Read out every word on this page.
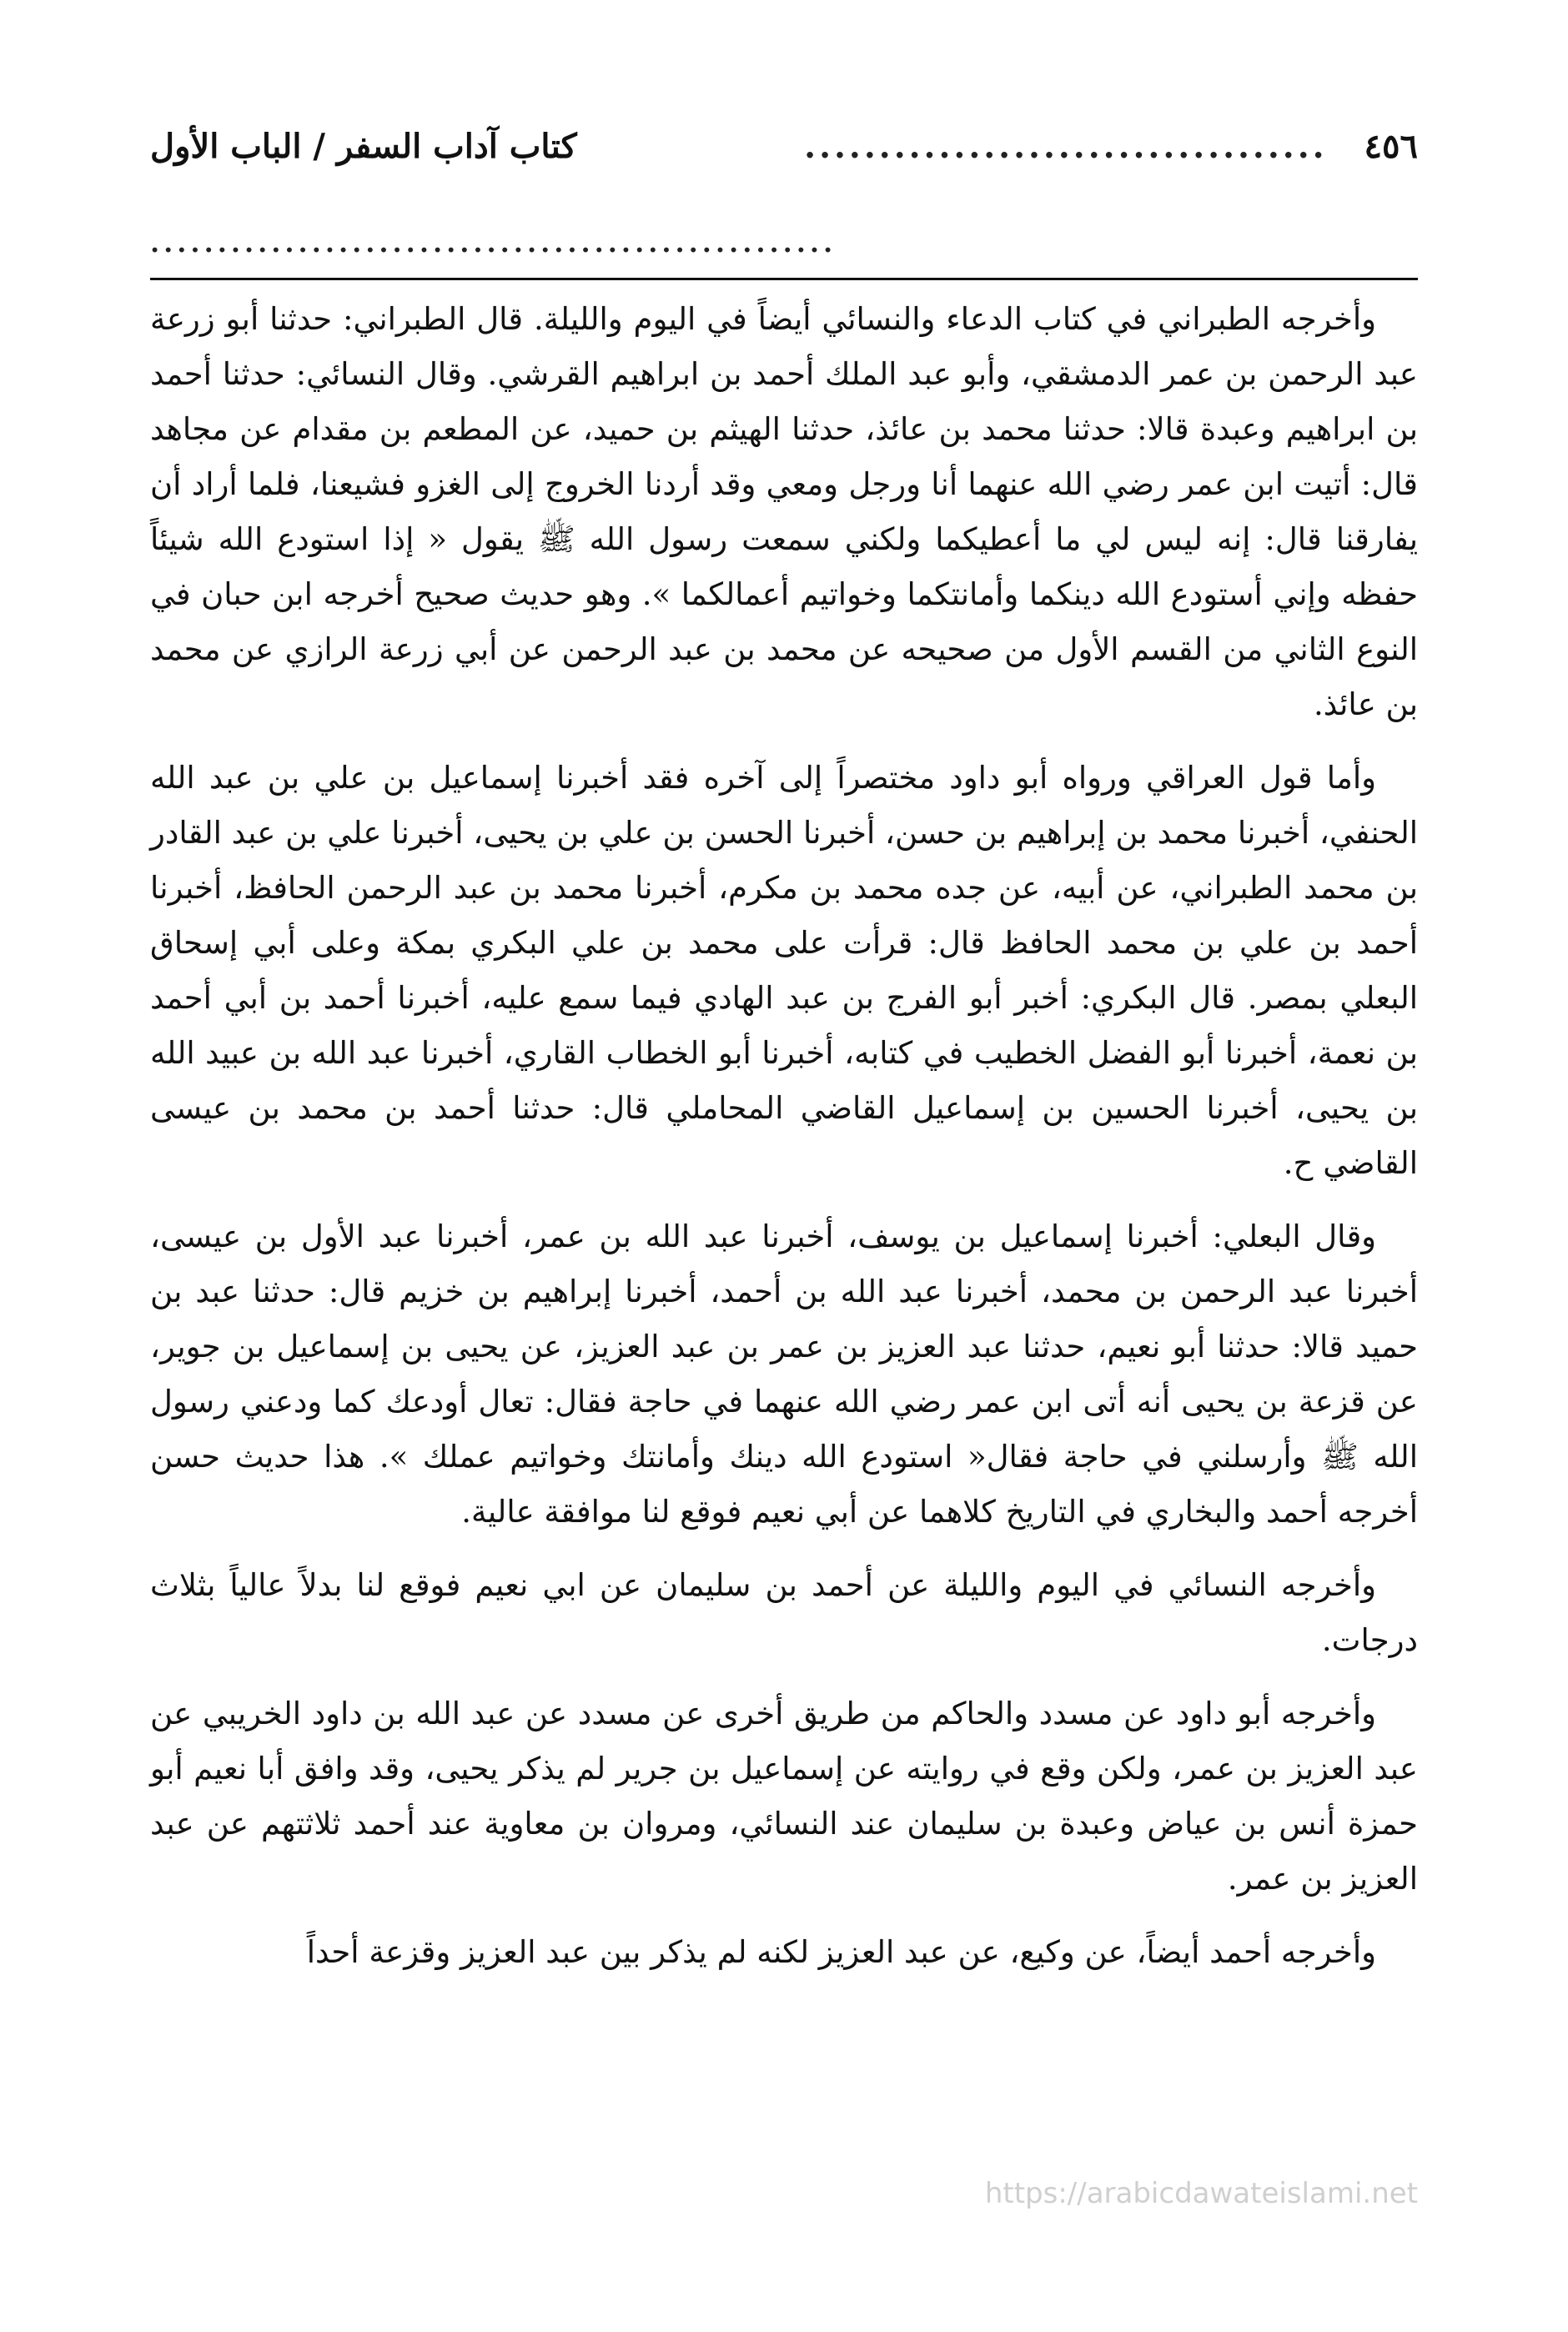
٤٥٦
...................................
كتاب آداب السفر / الباب الأول
...................................................

وأخرجه الطبراني في كتاب الدعاء والنسائي أيضاً في اليوم والليلة. قال الطبراني: حدثنا أبو زرعة عبد الرحمن بن عمر الدمشقي، وأبو عبد الملك أحمد بن ابراهيم القرشي. وقال النسائي: حدثنا أحمد بن ابراهيم وعبدة قالا: حدثنا محمد بن عائذ، حدثنا الهيثم بن حميد، عن المطعم بن مقدام عن مجاهد قال: أتيت ابن عمر رضي الله عنهما أنا ورجل ومعي وقد أردنا الخروج إلى الغزو فشيعنا، فلما أراد أن يفارقنا قال: إنه ليس لي ما أعطيكما ولكني سمعت رسول الله ﷺ يقول « إذا استودع الله شيئاً حفظه وإني أستودع الله دينكما وأمانتكما وخواتيم أعمالكما ». وهو حديث صحيح أخرجه ابن حبان في النوع الثاني من القسم الأول من صحيحه عن محمد بن عبد الرحمن عن أبي زرعة الرازي عن محمد بن عائذ.

وأما قول العراقي ورواه أبو داود مختصراً إلى آخره فقد أخبرنا إسماعيل بن علي بن عبد الله الحنفي، أخبرنا محمد بن إبراهيم بن حسن، أخبرنا الحسن بن علي بن يحيى، أخبرنا علي بن عبد القادر بن محمد الطبراني، عن أبيه، عن جده محمد بن مكرم، أخبرنا محمد بن عبد الرحمن الحافظ، أخبرنا أحمد بن علي بن محمد الحافظ قال: قرأت على محمد بن علي البكري بمكة وعلى أبي إسحاق البعلي بمصر. قال البكري: أخبر أبو الفرج بن عبد الهادي فيما سمع عليه، أخبرنا أحمد بن أبي أحمد بن نعمة، أخبرنا أبو الفضل الخطيب في كتابه، أخبرنا أبو الخطاب القاري، أخبرنا عبد الله بن عبيد الله بن يحيى، أخبرنا الحسين بن إسماعيل القاضي المحاملي قال: حدثنا أحمد بن محمد بن عيسى القاضي ح.

وقال البعلي: أخبرنا إسماعيل بن يوسف، أخبرنا عبد الله بن عمر، أخبرنا عبد الأول بن عيسى، أخبرنا عبد الرحمن بن محمد، أخبرنا عبد الله بن أحمد، أخبرنا إبراهيم بن خزيم قال: حدثنا عبد بن حميد قالا: حدثنا أبو نعيم، حدثنا عبد العزيز بن عمر بن عبد العزيز، عن يحيى بن إسماعيل بن جوير، عن قزعة بن يحيى أنه أتى ابن عمر رضي الله عنهما في حاجة فقال: تعال أودعك كما ودعني رسول الله ﷺ وأرسلني في حاجة فقال« استودع الله دينك وأمانتك وخواتيم عملك ». هذا حديث حسن أخرجه أحمد والبخاري في التاريخ كلاهما عن أبي نعيم فوقع لنا موافقة عالية.

وأخرجه النسائي في اليوم والليلة عن أحمد بن سليمان عن ابي نعيم فوقع لنا بدلاً عالياً بثلاث درجات.

وأخرجه أبو داود عن مسدد والحاكم من طريق أخرى عن مسدد عن عبد الله بن داود الخريبي عن عبد العزيز بن عمر، ولكن وقع في روايته عن إسماعيل بن جرير لم يذكر يحيى، وقد وافق أبا نعيم أبو حمزة أنس بن عياض وعبدة بن سليمان عند النسائي، ومروان بن معاوية عند أحمد ثلاثتهم عن عبد العزيز بن عمر.

وأخرجه أحمد أيضاً، عن وكيع، عن عبد العزيز لكنه لم يذكر بين عبد العزيز وقزعة أحداً

https://arabicdawateislami.net
